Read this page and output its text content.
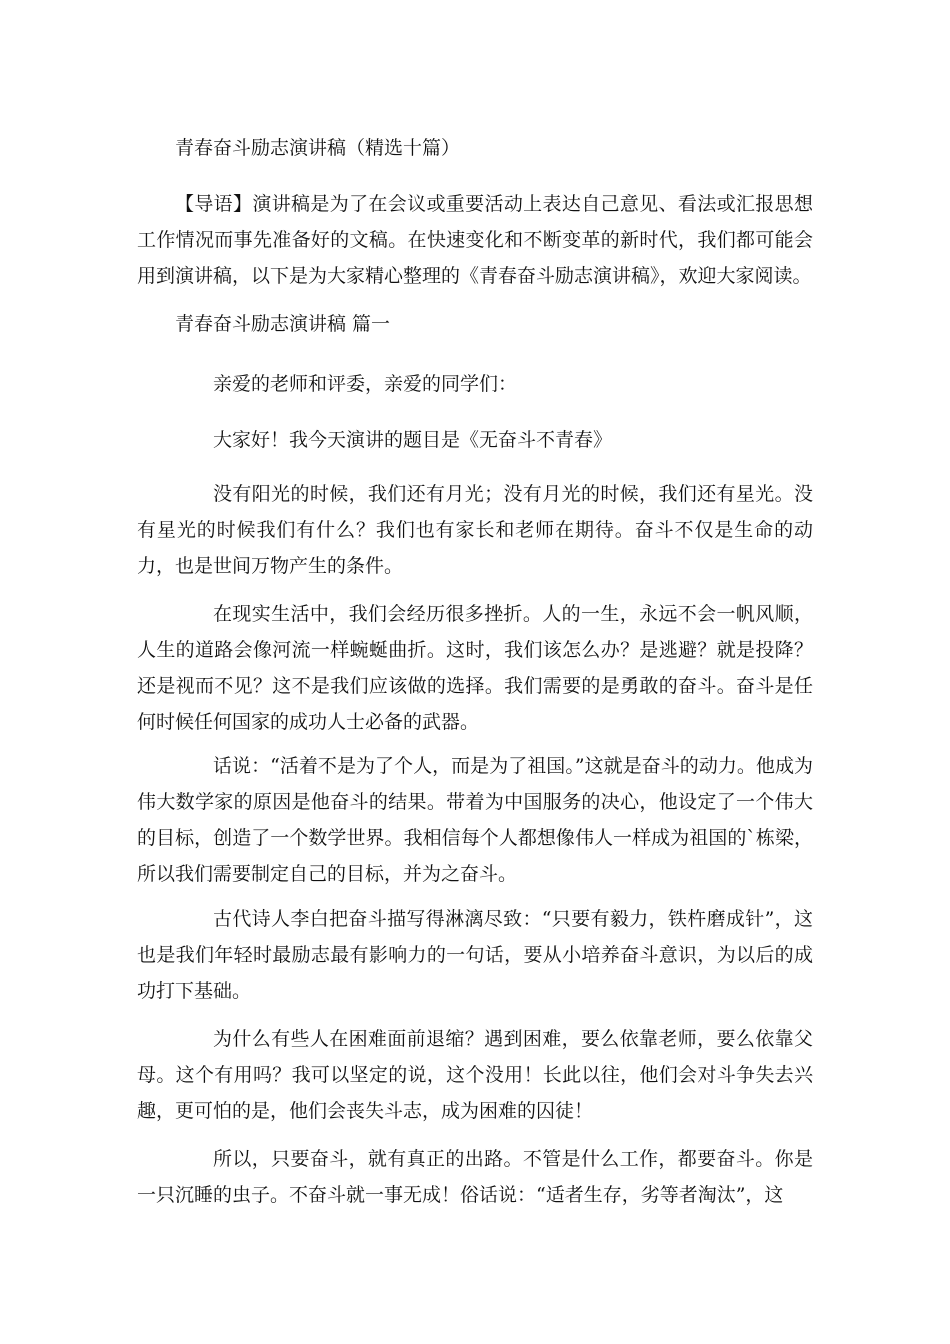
青春奋斗励志演讲稿（精选十篇）

【导语】演讲稿是为了在会议或重要活动上表达自己意见、看法或汇报思想工作情况而事先准备好的文稿。在快速变化和不断变革的新时代，我们都可能会用到演讲稿，以下是为大家精心整理的《青春奋斗励志演讲稿》，欢迎大家阅读。

青春奋斗励志演讲稿 篇一
亲爱的老师和评委，亲爱的同学们：
大家好！我今天演讲的题目是《无奋斗不青春》

没有阳光的时候，我们还有月光；没有月光的时候，我们还有星光。没有星光的时候我们有什么？我们也有家长和老师在期待。奋斗不仅是生命的动力，也是世间万物产生的条件。

在现实生活中，我们会经历很多挫折。人的一生，永远不会一帆风顺，人生的道路会像河流一样蜿蜒曲折。这时，我们该怎么办？是逃避？就是投降？还是视而不见？这不是我们应该做的选择。我们需要的是勇敢的奋斗。奋斗是任何时候任何国家的成功人士必备的武器。

话说：“活着不是为了个人，而是为了祖国。”这就是奋斗的动力。他成为伟大数学家的原因是他奋斗的结果。带着为中国服务的决心，他设定了一个伟大的目标，创造了一个数学世界。我相信每个人都想像伟人一样成为祖国的`栋梁，所以我们需要制定自己的目标，并为之奋斗。

古代诗人李白把奋斗描写得淋漓尽致：“只要有毅力，铁杵磨成针”，这也是我们年轻时最励志最有影响力的一句话，要从小培养奋斗意识，为以后的成功打下基础。

为什么有些人在困难面前退缩？遇到困难，要么依靠老师，要么依靠父母。这个有用吗？我可以坚定的说，这个没用！长此以往，他们会对斗争失去兴趣，更可怕的是，他们会丧失斗志，成为困难的囚徒！

所以，只要奋斗，就有真正的出路。不管是什么工作，都要奋斗。你是一只沉睡的虫子。不奋斗就一事无成！俗话说：“适者生存，劣等者淘汰”，这
